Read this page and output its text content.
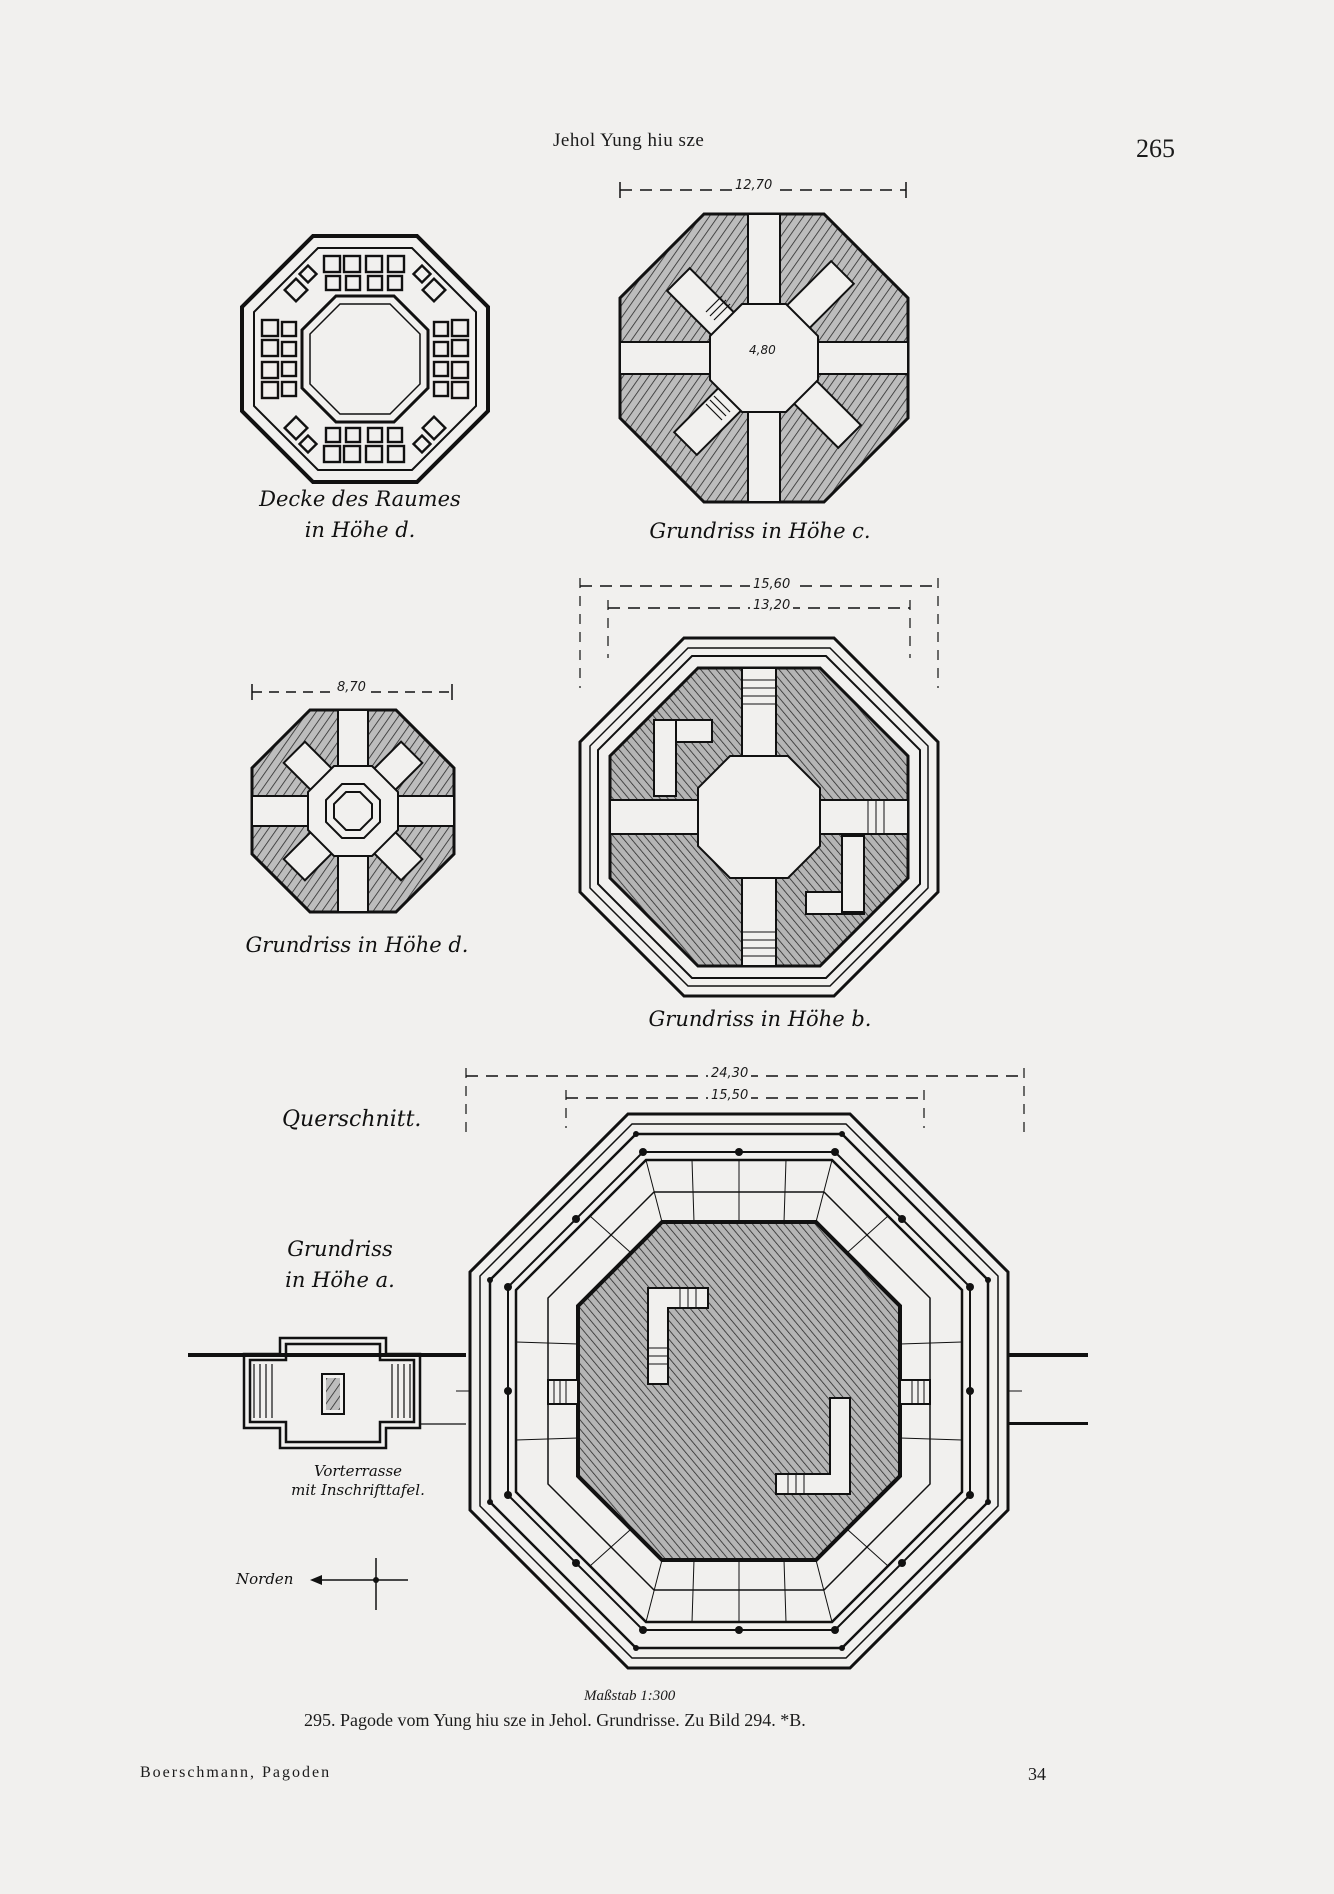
Jehol Yung hiu sze	265
Decke des Raumes
in Höhe d.
12,70
4,80
Grundriss in Höhe c.
15,60
13,20
Grundriss in Höhe b.
8,70
Grundriss in Höhe d.
Querschnitt.
Grundriss
in Höhe a.
24,30
15,50
Vorterrasse
mit Inschrifttafel.
Norden
Maßstab 1:300
295. Pagode vom Yung hiu sze in Jehol. Grundrisse. Zu Bild 294. *B.
Boerschmann, Pagoden	34
